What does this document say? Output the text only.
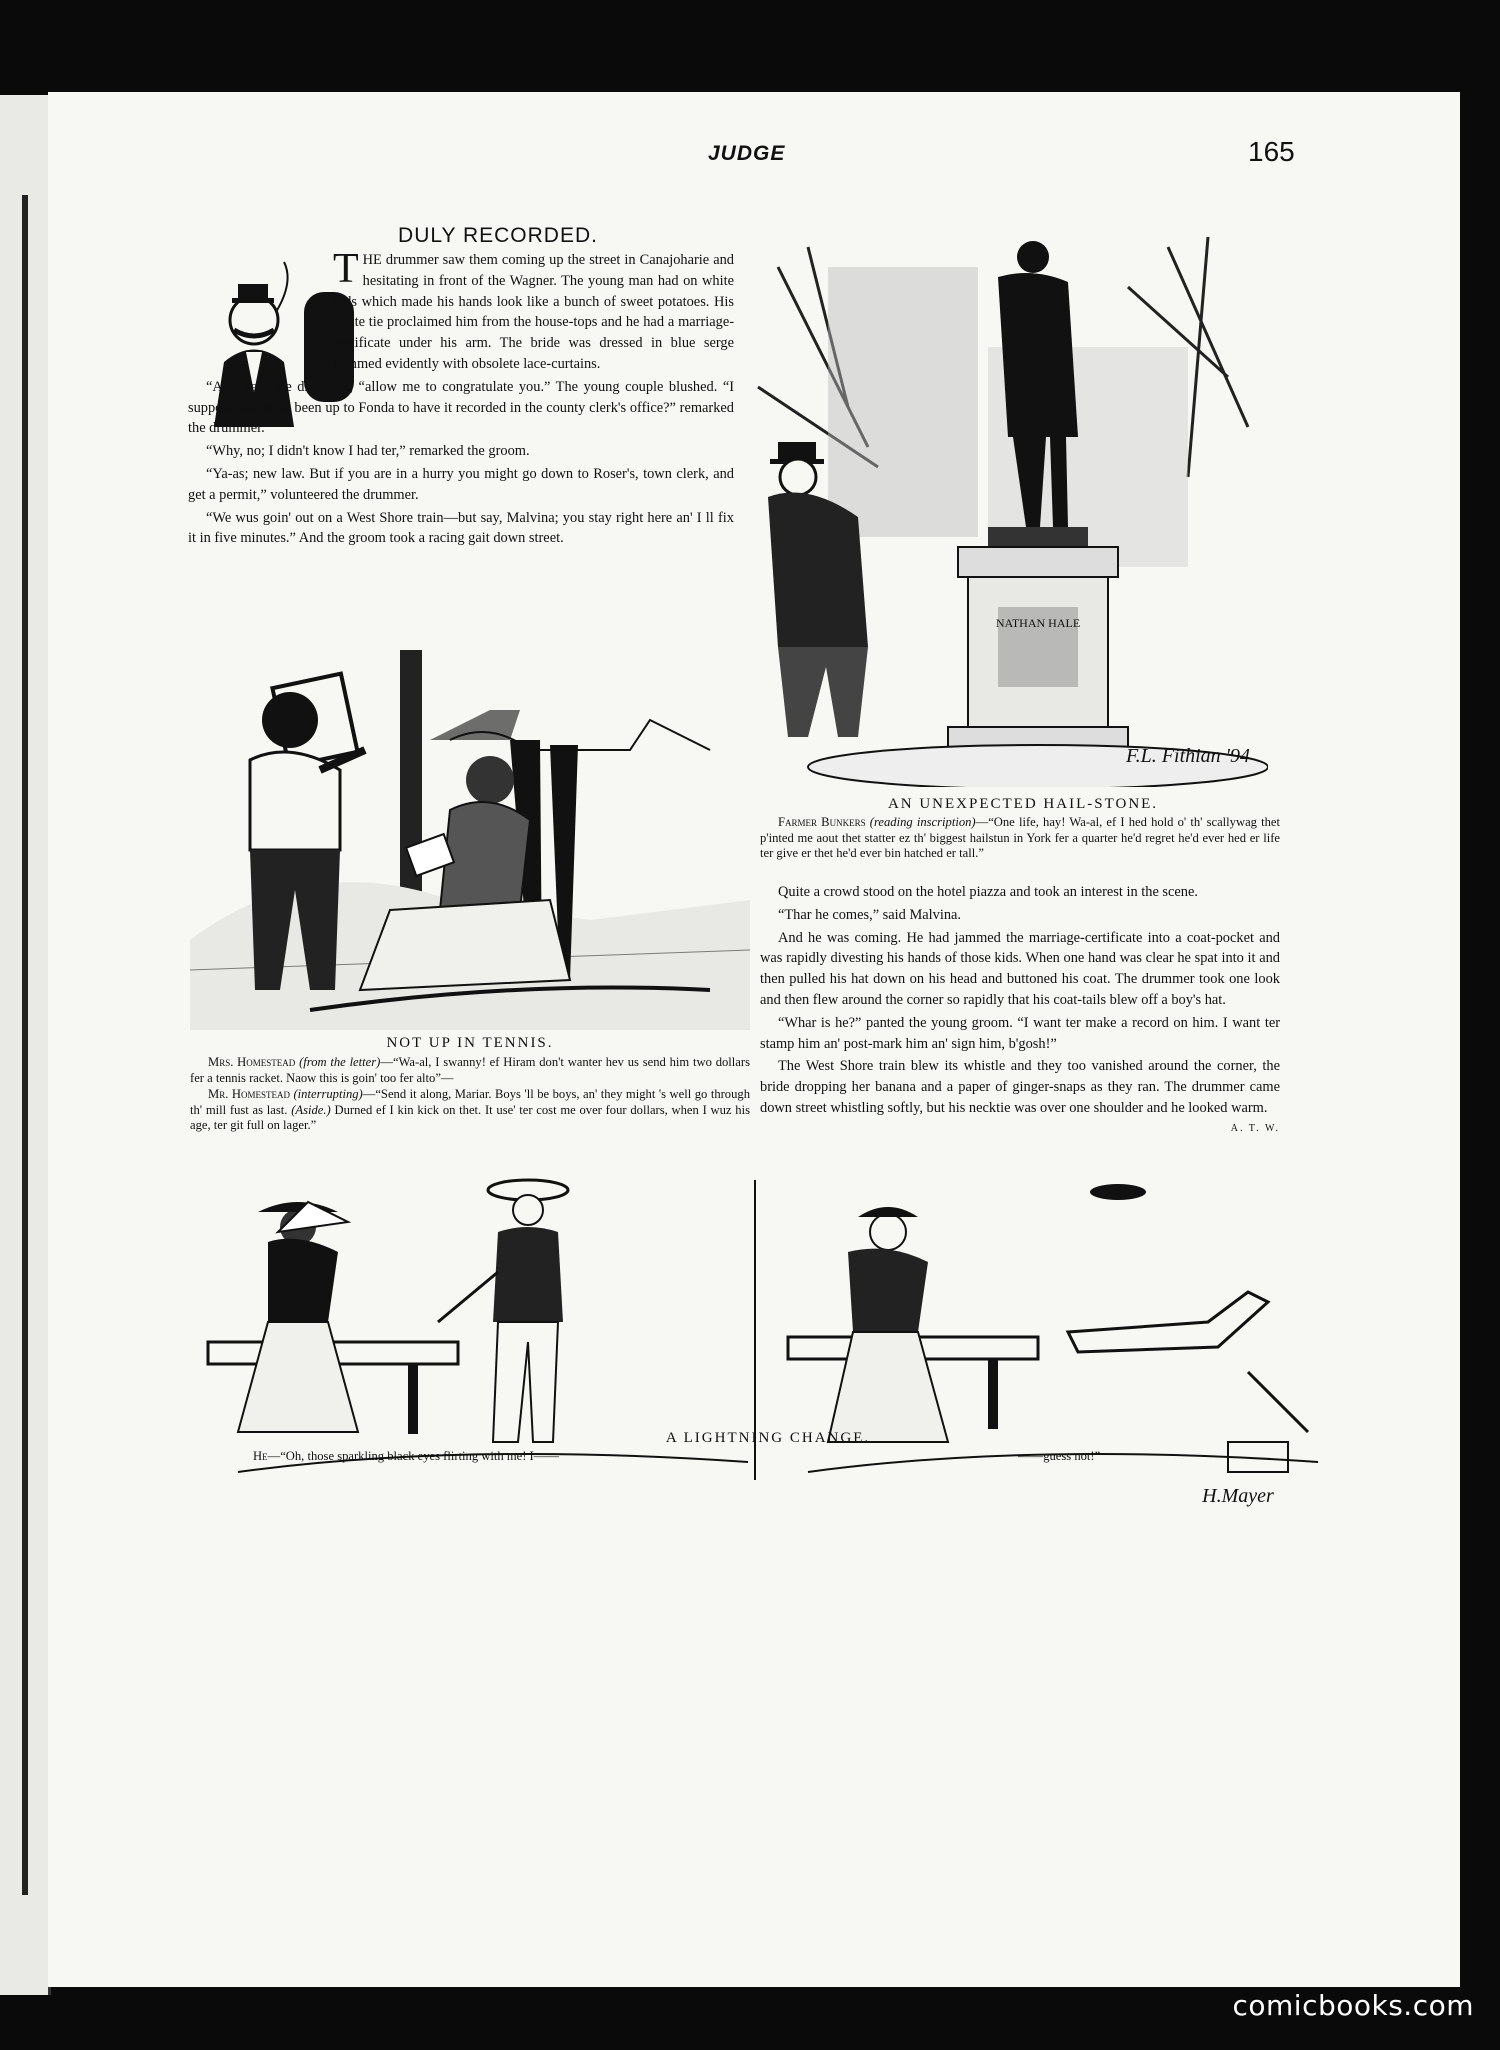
JUDGE	165
DULY RECORDED.

THE drummer saw them coming up the street in Canajoharie and hesitating in front of the Wagner. The young man had on white kids which made his hands look like a bunch of sweet potatoes. His white tie proclaimed him from the house-tops and he had a marriage-certificate under his arm. The bride was dressed in blue serge trimmed evidently with obsolete lace-curtains.

“Ah,” said the drummer, “allow me to congratulate you.” The young couple blushed. “I suppose you have been up to Fonda to have it recorded in the county clerk's office?” remarked the drummer.

“Why, no; I didn't know I had ter,” remarked the groom.

“Ya-as; new law. But if you are in a hurry you might go down to Roser's, town clerk, and get a permit,” volunteered the drummer.

“We wus goin' out on a West Shore train—but say, Malvina; you stay right here an' I ll fix it in five minutes.” And the groom took a racing gait down street.

NOT UP IN TENNIS.

Mrs. Homestead (from the letter)—“Wa-al, I swanny! ef Hiram don't wanter hev us send him two dollars fer a tennis racket. Naow this is goin' too fer alto”—

Mr. Homestead (interrupting)—“Send it along, Mariar. Boys 'll be boys, an' they might 's well go through th' mill fust as last. (Aside.) Durned ef I kin kick on thet. It use' ter cost me over four dollars, when I wuz his age, ter git full on lager.”

NATHAN HALE
F.L. Fithian '94
AN UNEXPECTED HAIL-STONE.

Farmer Bunkers (reading inscription)—“One life, hay! Wa-al, ef I hed hold o' th' scallywag thet p'inted me aout thet statter ez th' biggest hailstun in York fer a quarter he'd regret he'd ever hed er life ter give er thet he'd ever bin hatched er tall.”

Quite a crowd stood on the hotel piazza and took an interest in the scene.

“Thar he comes,” said Malvina.

And he was coming. He had jammed the marriage-certificate into a coat-pocket and was rapidly divesting his hands of those kids. When one hand was clear he spat into it and then pulled his hat down on his head and buttoned his coat. The drummer took one look and then flew around the corner so rapidly that his coat-tails blew off a boy's hat.

“Whar is he?” panted the young groom. “I want ter make a record on him. I want ter stamp him an' post-mark him an' sign him, b'gosh!”

The West Shore train blew its whistle and they too vanished around the corner, the bride dropping her banana and a paper of ginger-snaps as they ran. The drummer came down street whistling softly, but his necktie was over one shoulder and he looked warm.
A. T. W.

H.Mayer
A LIGHTNING CHANGE.
He—“Oh, those sparkling black eyes flirting with me! I——	——guess not!”
comicbooks.com
